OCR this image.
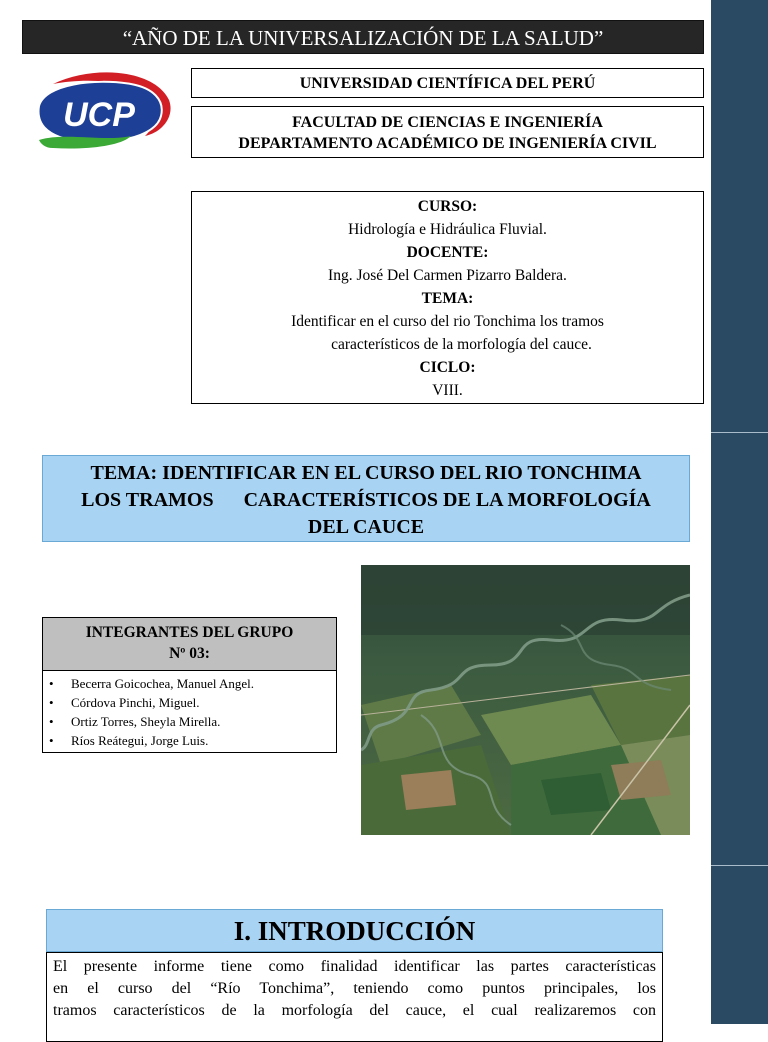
“AÑO DE LA UNIVERSALIZACIÓN DE LA SALUD”
UCP
UNIVERSIDAD CIENTÍFICA DEL PERÚ
FACULTAD DE CIENCIAS E INGENIERÍA
DEPARTAMENTO ACADÉMICO DE INGENIERÍA CIVIL
CURSO:
Hidrología e Hidráulica Fluvial.
DOCENTE:
Ing. José Del Carmen Pizarro Baldera.
TEMA:
Identificar en el curso del rio Tonchima los tramos
característicos de la morfología del cauce.
CICLO:
VIII.
TEMA: IDENTIFICAR EN EL CURSO DEL RIO TONCHIMA
LOS TRAMOS      CARACTERÍSTICOS DE LA MORFOLOGÍA
DEL CAUCE
INTEGRANTES DEL GRUPO
Nº 03:
• Becerra Goicochea, Manuel Angel.
• Córdova Pinchi, Miguel.
• Ortiz Torres, Sheyla Mirella.
• Ríos Reátegui, Jorge Luis.
I. INTRODUCCIÓN
El presente informe tiene como finalidad identificar las partes características
en el curso del “Río Tonchima”, teniendo como puntos principales, los
tramos característicos de la morfología del cauce, el cual realizaremos con
